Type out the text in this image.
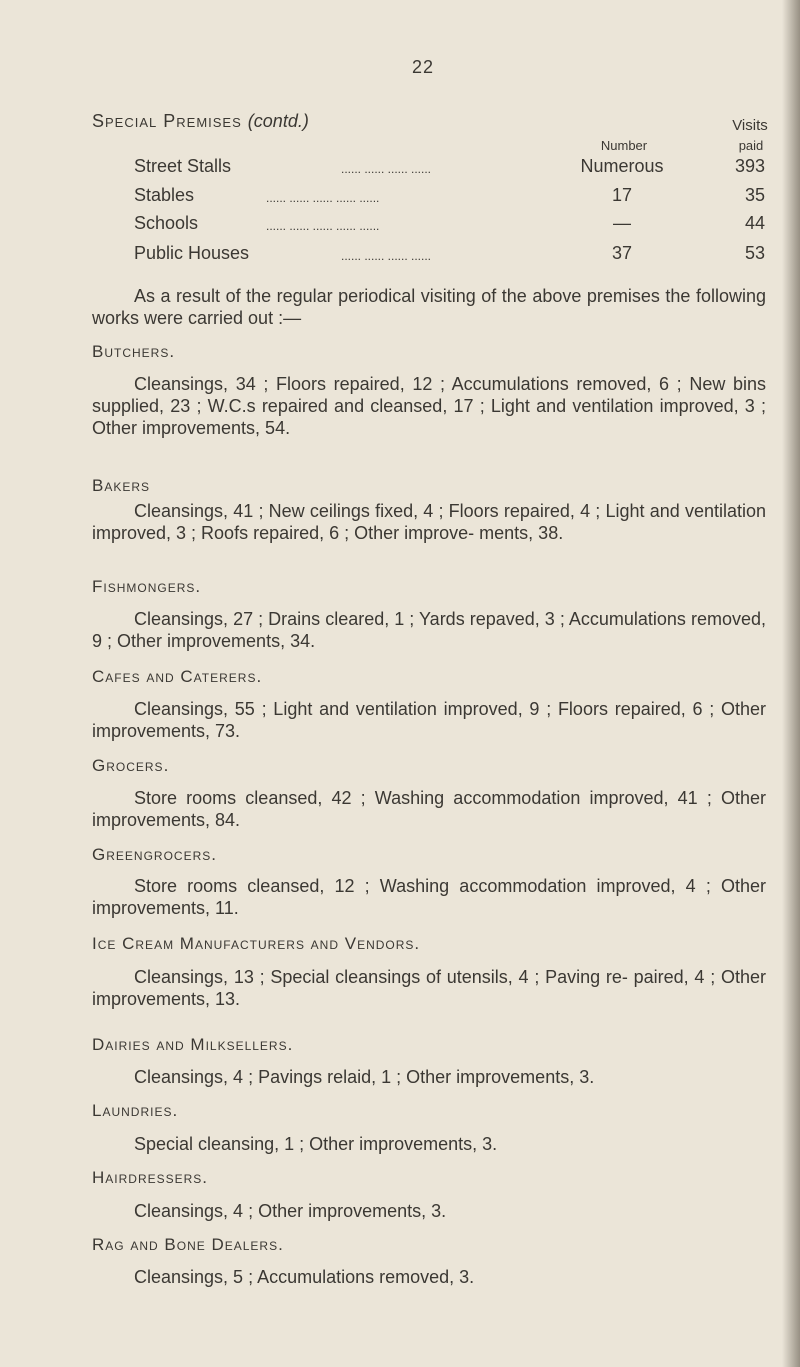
22
Special Premises (contd.)	Visits
Number	paid
Street Stalls	...... ...... ...... ......	Numerous	393
Stables	...... ...... ...... ...... ......	17	35
Schools	...... ...... ...... ...... ......	—	44
Public Houses	...... ...... ...... ......	37	53
As a result of the regular periodical visiting of the above premises the following works were carried out :—
Butchers.
Cleansings, 34 ; Floors repaired, 12 ; Accumulations removed, 6 ; New bins supplied, 23 ; W.C.s repaired and cleansed, 17 ; Light and ventilation improved, 3 ; Other improvements, 54.
Bakers
Cleansings, 41 ; New ceilings fixed, 4 ; Floors repaired, 4 ; Light and ventilation improved, 3 ; Roofs repaired, 6 ; Other improve- ments, 38.
Fishmongers.
Cleansings, 27 ; Drains cleared, 1 ; Yards repaved, 3 ; Accumulations removed, 9 ; Other improvements, 34.
Cafes and Caterers.
Cleansings, 55 ; Light and ventilation improved, 9 ; Floors repaired, 6 ; Other improvements, 73.
Grocers.
Store rooms cleansed, 42 ; Washing accommodation improved, 41 ; Other improvements, 84.
Greengrocers.
Store rooms cleansed, 12 ; Washing accommodation improved, 4 ; Other improvements, 11.
Ice Cream Manufacturers and Vendors.
Cleansings, 13 ; Special cleansings of utensils, 4 ; Paving re- paired, 4 ; Other improvements, 13.
Dairies and Milksellers.
Cleansings, 4 ; Pavings relaid, 1 ; Other improvements, 3.
Laundries.
Special cleansing, 1 ; Other improvements, 3.
Hairdressers.
Cleansings, 4 ; Other improvements, 3.
Rag and Bone Dealers.
Cleansings, 5 ; Accumulations removed, 3.
